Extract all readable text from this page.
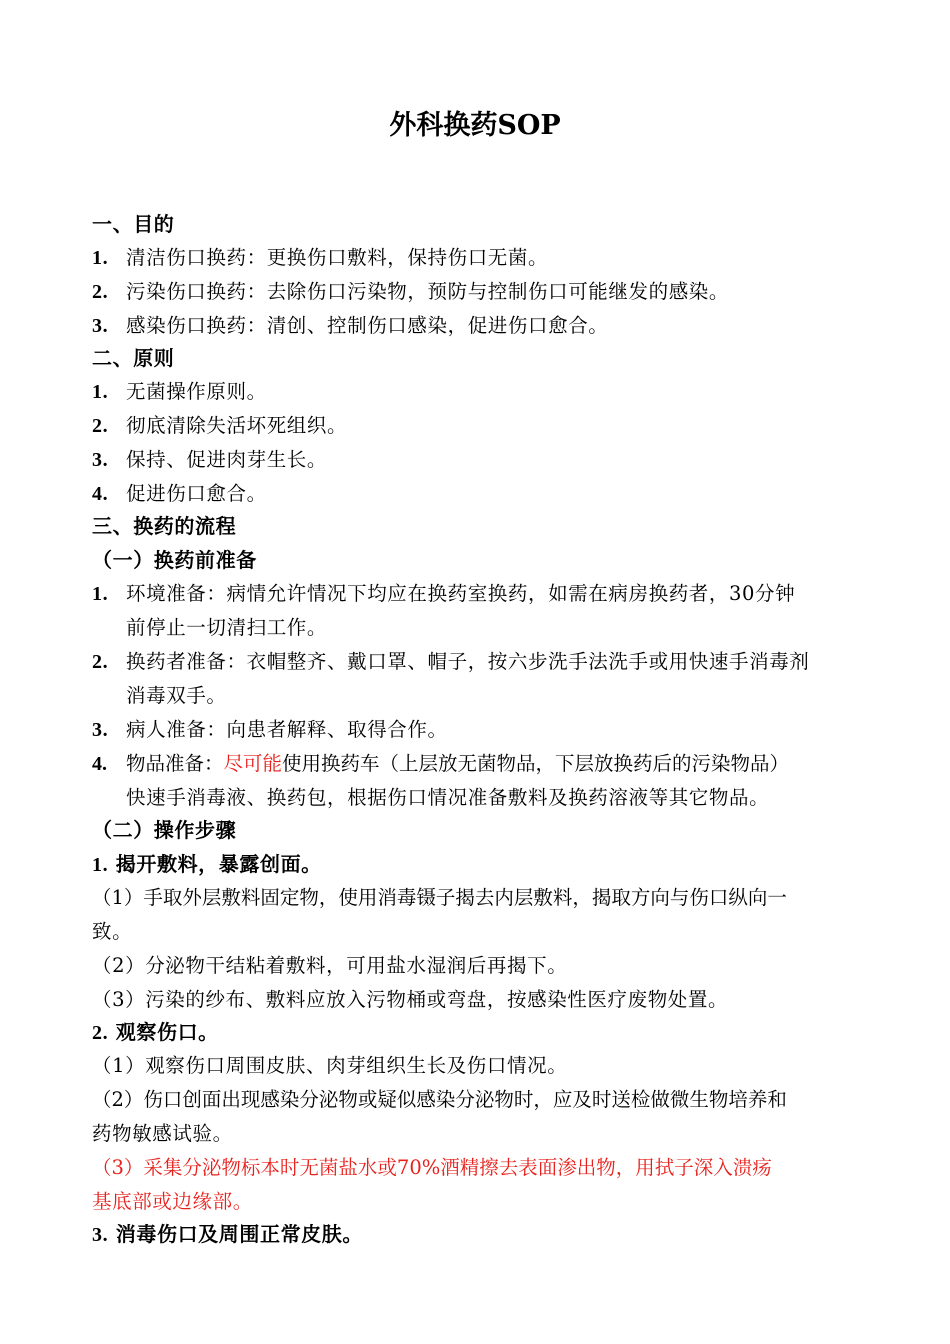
外科换药SOP
一、目的
1. 清洁伤口换药：更换伤口敷料，保持伤口无菌。
2. 污染伤口换药：去除伤口污染物，预防与控制伤口可能继发的感染。
3. 感染伤口换药：清创、控制伤口感染，促进伤口愈合。
二、原则
1. 无菌操作原则。
2. 彻底清除失活坏死组织。
3. 保持、促进肉芽生长。
4. 促进伤口愈合。
三、换药的流程
（一）换药前准备
1. 环境准备：病情允许情况下均应在换药室换药，如需在病房换药者，30分钟
前停止一切清扫工作。
2. 换药者准备：衣帽整齐、戴口罩、帽子，按六步洗手法洗手或用快速手消毒剂
消毒双手。
3. 病人准备：向患者解释、取得合作。
4. 物品准备：尽可能使用换药车（上层放无菌物品，下层放换药后的污染物品）
快速手消毒液、换药包，根据伤口情况准备敷料及换药溶液等其它物品。
（二）操作步骤
1. 揭开敷料，暴露创面。
（1）手取外层敷料固定物，使用消毒镊子揭去内层敷料，揭取方向与伤口纵向一
致。
（2）分泌物干结粘着敷料，可用盐水湿润后再揭下。
（3）污染的纱布、敷料应放入污物桶或弯盘，按感染性医疗废物处置。
2. 观察伤口。
（1）观察伤口周围皮肤、肉芽组织生长及伤口情况。
（2）伤口创面出现感染分泌物或疑似感染分泌物时，应及时送检做微生物培养和
药物敏感试验。
（3）采集分泌物标本时无菌盐水或70%酒精擦去表面渗出物，用拭子深入溃疡
基底部或边缘部。
3. 消毒伤口及周围正常皮肤。
